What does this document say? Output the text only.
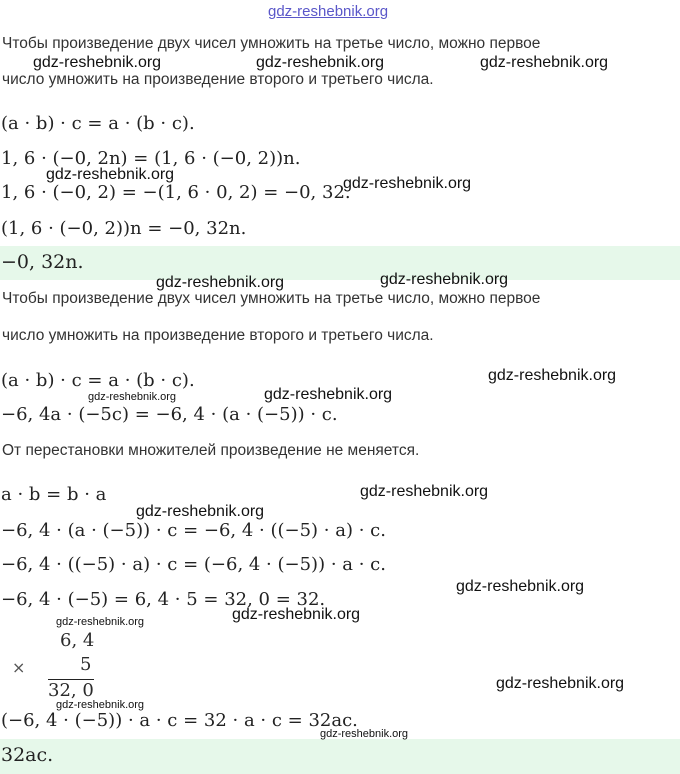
gdz-reshebnik.org
Чтобы произведение двух чисел умножить на третье число, можно первое
число умножить на произведение второго и третьего числа.
(a · b) · c = a · (b · c).
1, 6 · (−0, 2n) = (1, 6 · (−0, 2))n.
1, 6 · (−0, 2) = −(1, 6 · 0, 2) = −0, 32.
(1, 6 · (−0, 2))n = −0, 32n.
−0, 32n.
Чтобы произведение двух чисел умножить на третье число, можно первое
число умножить на произведение второго и третьего числа.
(a · b) · c = a · (b · c).
−6, 4a · (−5c) = −6, 4 · (a · (−5)) · c.
От перестановки множителей произведение не меняется.
a · b = b · a
−6, 4 · (a · (−5)) · c = −6, 4 · ((−5) · a) · c.
−6, 4 · ((−5) · a) · c = (−6, 4 · (−5)) · a · c.
−6, 4 · (−5) = 6, 4 · 5 = 32, 0 = 32.
6, 4
×	5
32, 0
(−6, 4 · (−5)) · a · c = 32 · a · c = 32ac.
32ac.
gdz-reshebnik.org	gdz-reshebnik.org	gdz-reshebnik.org
gdz-reshebnik.org
gdz-reshebnik.org
gdz-reshebnik.org	gdz-reshebnik.org
gdz-reshebnik.org
gdz-reshebnik.org	gdz-reshebnik.org
gdz-reshebnik.org
gdz-reshebnik.org
gdz-reshebnik.org
gdz-reshebnik.org
gdz-reshebnik.org
gdz-reshebnik.org
gdz-reshebnik.org
gdz-reshebnik.org
